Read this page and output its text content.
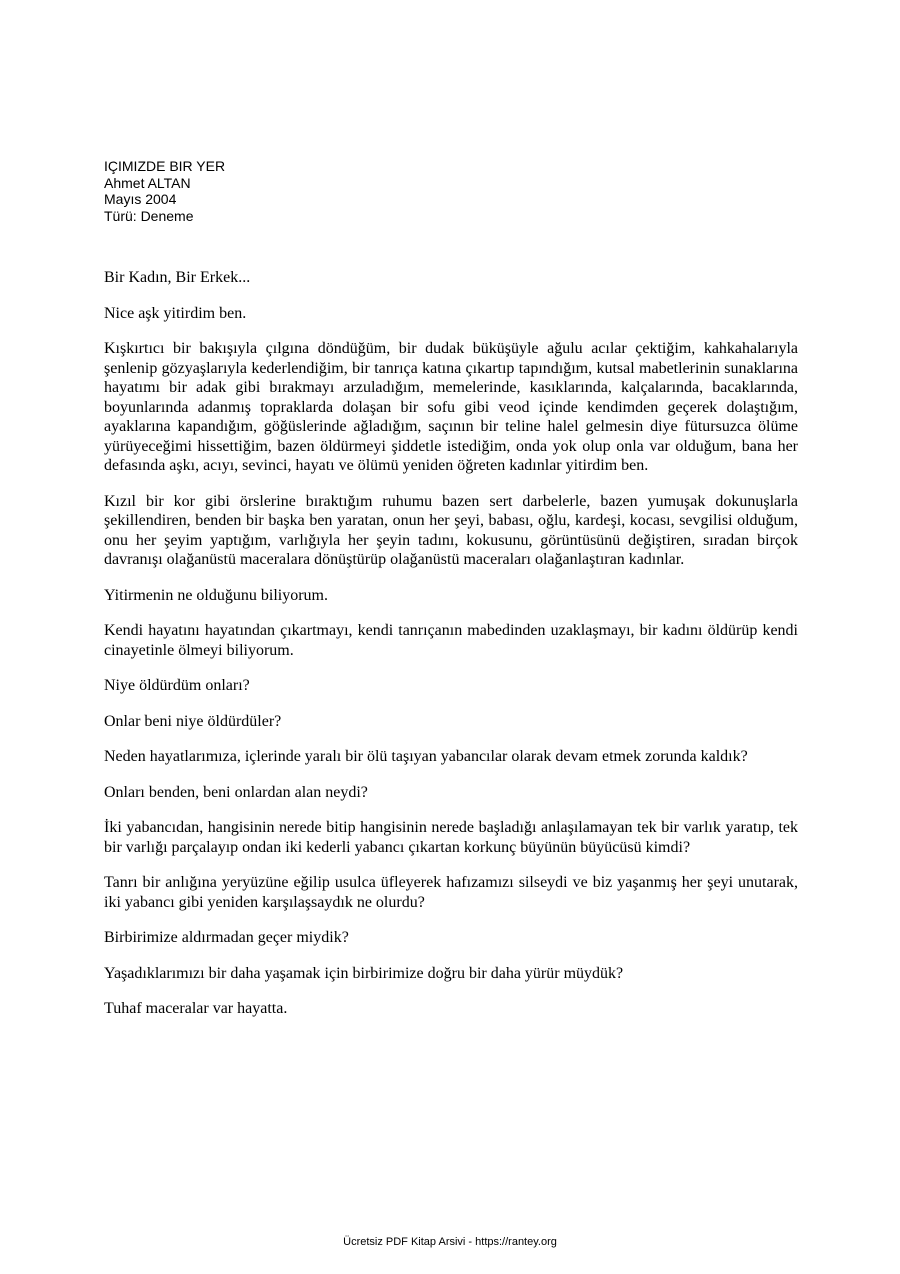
IÇIMIZDE BIR YER
Ahmet ALTAN
Mayıs 2004
Türü: Deneme

Bir Kadın, Bir Erkek...

Nice aşk yitirdim ben.

Kışkırtıcı bir bakışıyla çılgına döndüğüm, bir dudak büküşüyle ağulu acılar çektiğim, kahkahalarıyla şenlenip gözyaşlarıyla kederlendiğim, bir tanrıça katına çıkartıp tapındığım, kutsal mabetlerinin sunaklarına hayatımı bir adak gibi bırakmayı arzuladığım, memelerinde, kasıklarında, kalçalarında, bacaklarında, boyunlarında adanmış topraklarda dolaşan bir sofu gibi veod içinde kendimden geçerek dolaştığım, ayaklarına kapandığım, göğüslerinde ağladığım, saçının bir teline halel gelmesin diye fütursuzca ölüme yürüyeceğimi hissettiğim, bazen öldürmeyi şiddetle istediğim, onda yok olup onla var olduğum, bana her defasında aşkı, acıyı, sevinci, hayatı ve ölümü yeniden öğreten kadınlar yitirdim ben.

Kızıl bir kor gibi örslerine bıraktığım ruhumu bazen sert darbelerle, bazen yumuşak dokunuşlarla şekillendiren, benden bir başka ben yaratan, onun her şeyi, babası, oğlu, kardeşi, kocası, sevgilisi olduğum, onu her şeyim yaptığım, varlığıyla her şeyin tadını, kokusunu, görüntüsünü değiştiren, sıradan birçok davranışı olağanüstü maceralara dönüştürüp olağanüstü maceraları olağanlaştıran kadınlar.

Yitirmenin ne olduğunu biliyorum.

Kendi hayatını hayatından çıkartmayı, kendi tanrıçanın mabedinden uzaklaşmayı, bir kadını öldürüp kendi cinayetinle ölmeyi biliyorum.

Niye öldürdüm onları?

Onlar beni niye öldürdüler?

Neden hayatlarımıza, içlerinde yaralı bir ölü taşıyan yabancılar olarak devam etmek zorunda kaldık?

Onları benden, beni onlardan alan neydi?

İki yabancıdan, hangisinin nerede bitip hangisinin nerede başladığı anlaşılamayan tek bir varlık yaratıp, tek bir varlığı parçalayıp ondan iki kederli yabancı çıkartan korkunç büyünün büyücüsü kimdi?

Tanrı bir anlığına yeryüzüne eğilip usulca üfleyerek hafızamızı silseydi ve biz yaşanmış her şeyi unutarak, iki yabancı gibi yeniden karşılaşsaydık ne olurdu?

Birbirimize aldırmadan geçer miydik?

Yaşadıklarımızı bir daha yaşamak için birbirimize doğru bir daha yürür müydük?

Tuhaf maceralar var hayatta.

Ücretsiz PDF Kitap Arsivi - https://rantey.org
